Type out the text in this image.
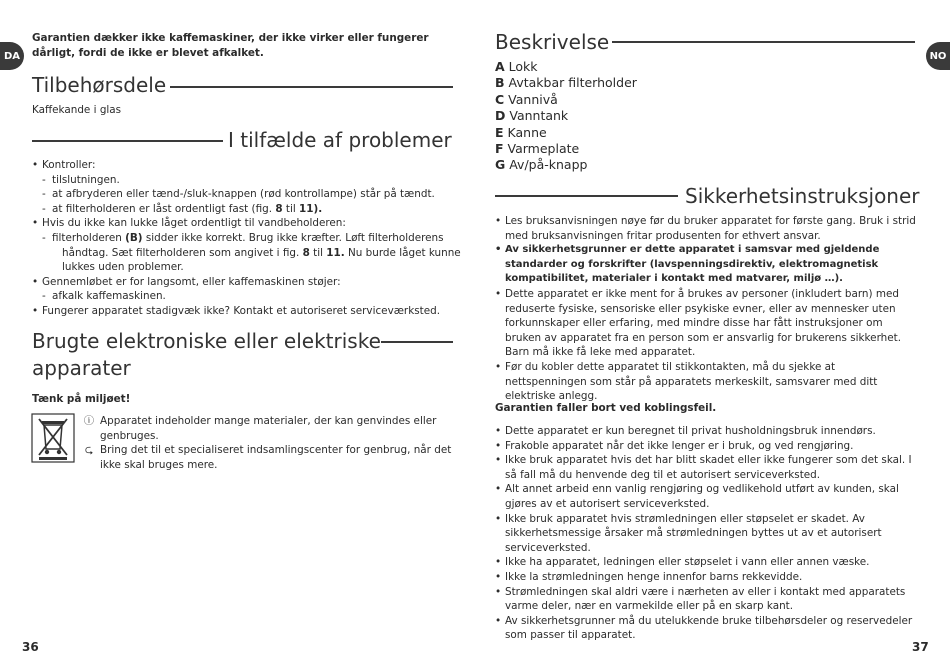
DA
Garantien dækker ikke kaffemaskiner, der ikke virker eller fungerer dårligt, fordi de ikke er blevet afkalket.
Tilbehørsdele
Kaffekande i glas
I tilfælde af problemer
• Kontroller:
- tilslutningen.
- at afbryderen eller tænd-/sluk-knappen (rød kontrollampe) står på tændt.
- at filterholderen er låst ordentligt fast (fig. 8 til 11).
• Hvis du ikke kan lukke låget ordentligt til vandbeholderen:
- filterholderen (B) sidder ikke korrekt. Brug ikke kræfter. Løft filterholderens
håndtag. Sæt filterholderen som angivet i fig. 8 til 11. Nu burde låget kunne
lukkes uden problemer.
• Gennemløbet er for langsomt, eller kaffemaskinen støjer:
- afkalk kaffemaskinen.
• Fungerer apparatet stadigvæk ikke? Kontakt et autoriseret serviceværksted.
Brugte elektroniske eller elektriske
apparater
Tænk på miljøet!
ⓘ Apparatet indeholder mange materialer, der kan genvindes eller genbruges.
⮎ Bring det til et specialiseret indsamlingscenter for genbrug, når det ikke skal bruges mere.
36
NO
Beskrivelse
A Lokk
B Avtakbar filterholder
C Vannivå
D Vanntank
E Kanne
F Varmeplate
G Av/på-knapp
Sikkerhetsinstruksjoner
• Les bruksanvisningen nøye før du bruker apparatet for første gang. Bruk i strid med bruksanvisningen fritar produsenten for ethvert ansvar.
• Av sikkerhetsgrunner er dette apparatet i samsvar med gjeldende standarder og forskrifter (lavspenningsdirektiv, elektromagnetisk kompatibilitet, materialer i kontakt med matvarer, miljø …).
• Dette apparatet er ikke ment for å brukes av personer (inkludert barn) med reduserte fysiske, sensoriske eller psykiske evner, eller av mennesker uten forkunnskaper eller erfaring, med mindre disse har fått instruksjoner om bruken av apparatet fra en person som er ansvarlig for brukerens sikkerhet. Barn må ikke få leke med apparatet.
• Før du kobler dette apparatet til stikkontakten, må du sjekke at nettspenningen som står på apparatets merkeskilt, samsvarer med ditt elektriske anlegg.
Garantien faller bort ved koblingsfeil.
• Dette apparatet er kun beregnet til privat husholdningsbruk innendørs.
• Frakoble apparatet når det ikke lenger er i bruk, og ved rengjøring.
• Ikke bruk apparatet hvis det har blitt skadet eller ikke fungerer som det skal. I så fall må du henvende deg til et autorisert serviceverksted.
• Alt annet arbeid enn vanlig rengjøring og vedlikehold utført av kunden, skal gjøres av et autorisert serviceverksted.
• Ikke bruk apparatet hvis strømledningen eller støpselet er skadet. Av sikkerhetsmessige årsaker må strømledningen byttes ut av et autorisert serviceverksted.
• Ikke ha apparatet, ledningen eller støpselet i vann eller annen væske.
• Ikke la strømledningen henge innenfor barns rekkevidde.
• Strømledningen skal aldri være i nærheten av eller i kontakt med apparatets varme deler, nær en varmekilde eller på en skarp kant.
• Av sikkerhetsgrunner må du utelukkende bruke tilbehørsdeler og reservedeler som passer til apparatet.
37
